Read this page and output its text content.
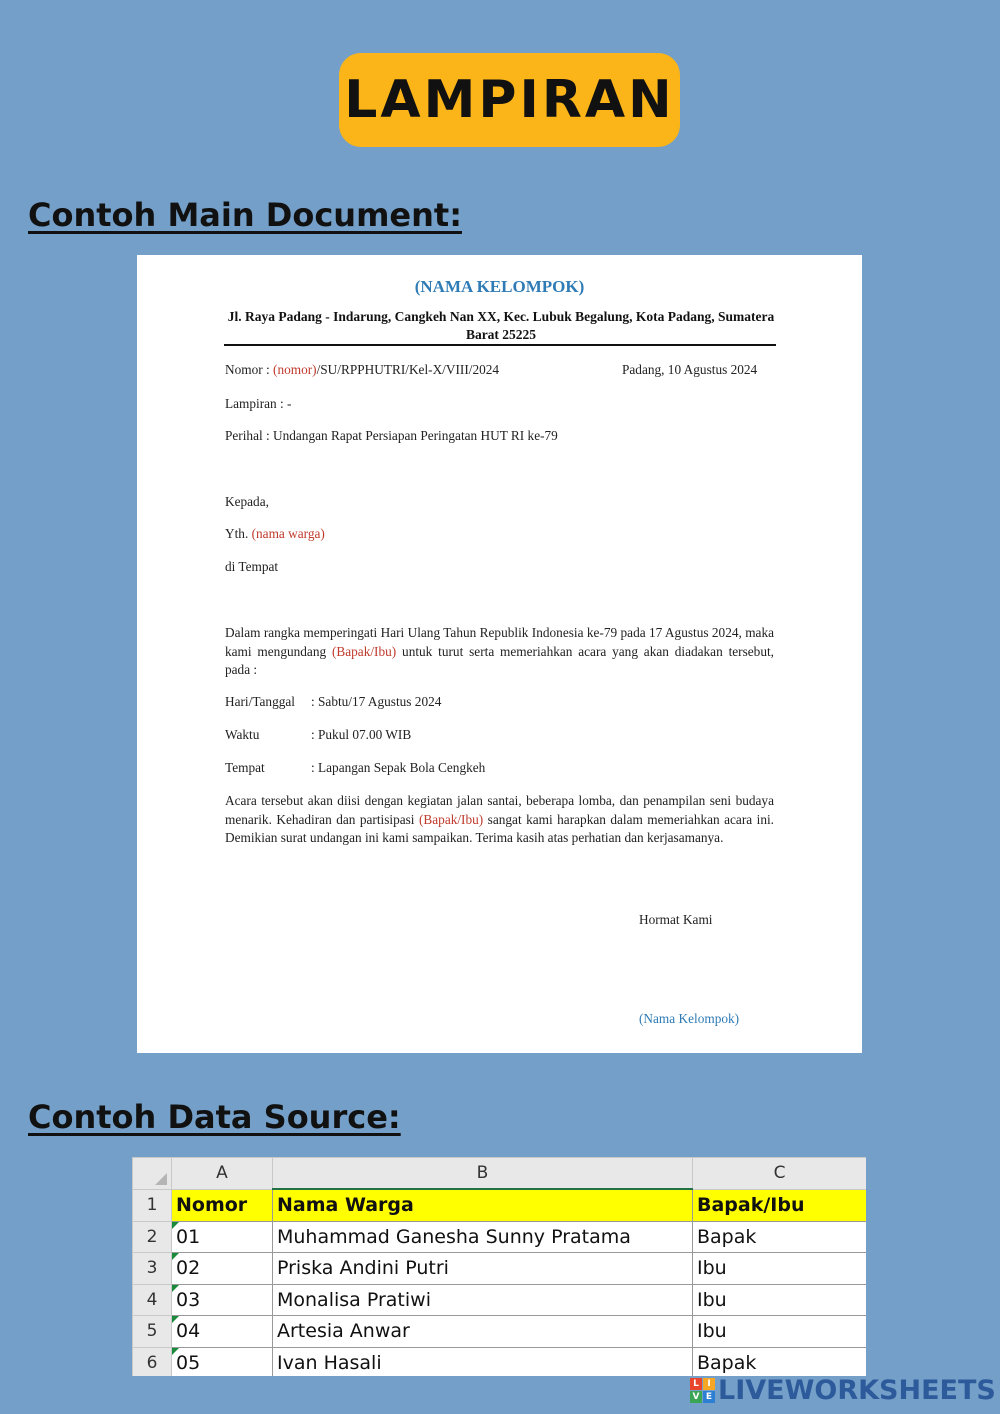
LAMPIRAN
Contoh Main Document:
(NAMA KELOMPOK)
Jl. Raya Padang - Indarung, Cangkeh Nan XX, Kec. Lubuk Begalung, Kota Padang, Sumatera Barat 25225
Nomor : (nomor)/SU/RPPHUTRI/Kel-X/VIII/2024	Padang, 10 Agustus 2024
Lampiran : -
Perihal : Undangan Rapat Persiapan Peringatan HUT RI ke-79
Kepada,
Yth. (nama warga)
di Tempat
Dalam rangka memperingati Hari Ulang Tahun Republik Indonesia ke-79 pada 17 Agustus 2024, maka kami mengundang (Bapak/Ibu) untuk turut serta memeriahkan acara yang akan diadakan tersebut, pada :
Hari/Tanggal : Sabtu/17 Agustus 2024
Waktu	: Pukul 07.00 WIB
Tempat	: Lapangan Sepak Bola Cengkeh
Acara tersebut akan diisi dengan kegiatan jalan santai, beberapa lomba, dan penampilan seni budaya menarik. Kehadiran dan partisipasi (Bapak/Ibu) sangat kami harapkan dalam memeriahkan acara ini. Demikian surat undangan ini kami sampaikan. Terima kasih atas perhatian dan kerjasamanya.
Hormat Kami
(Nama Kelompok)
Contoh Data Source:
	A	B	C
1	Nomor	Nama Warga	Bapak/Ibu
2	01	Muhammad Ganesha Sunny Pratama	Bapak
3	02	Priska Andini Putri	Ibu
4	03	Monalisa Pratiwi	Ibu
5	04	Artesia Anwar	Ibu
6	05	Ivan Hasali	Bapak
L I
V E LIVEWORKSHEETS
